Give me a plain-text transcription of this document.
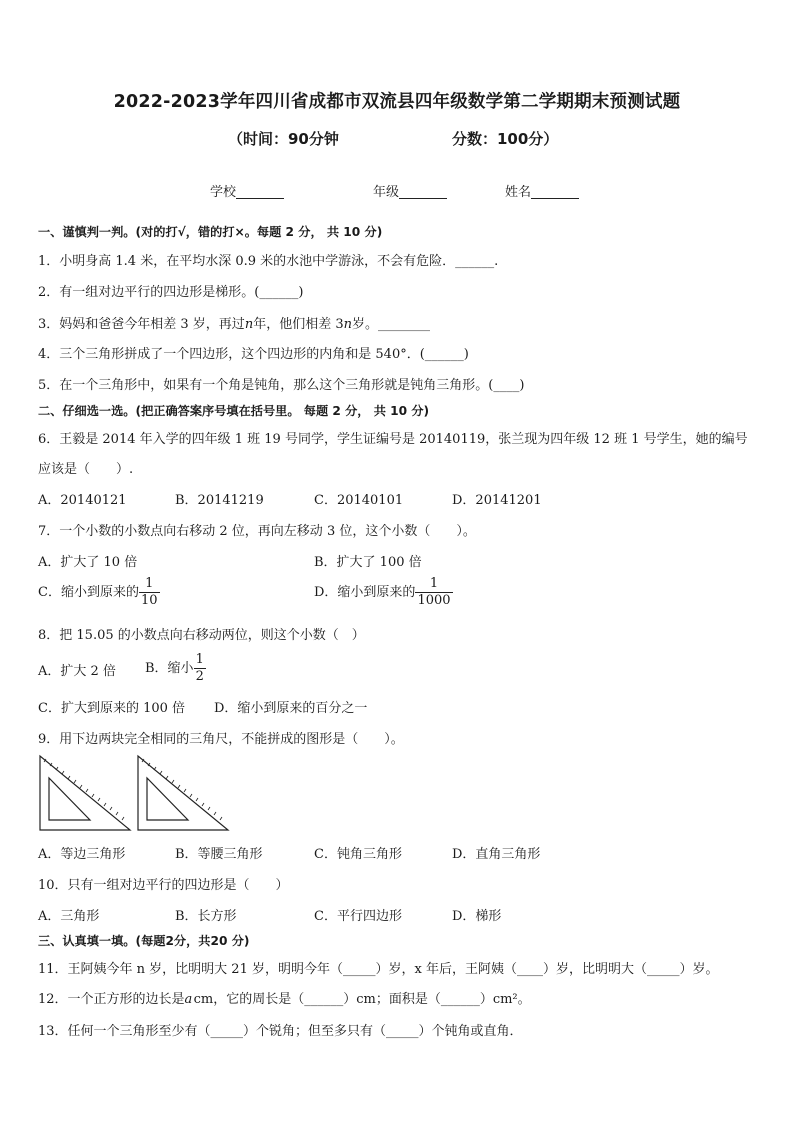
2022-2023学年四川省成都市双流县四年级数学第二学期期末预测试题
（时间：90分钟	分数：100分）
学校	年级	姓名
一、谨慎判一判。(对的打√，错的打×。每题 2 分， 共 10 分)
1．小明身高 1.4 米，在平均水深 0.9 米的水池中学游泳，不会有危险．______.
2．有一组对边平行的四边形是梯形。(______)
3．妈妈和爸爸今年相差 3 岁，再过n年，他们相差 3n岁。________
4．三个三角形拼成了一个四边形，这个四边形的内角和是 540°．(______)
5．在一个三角形中，如果有一个角是钝角，那么这个三角形就是钝角三角形。(____)
二、仔细选一选。(把正确答案序号填在括号里。 每题 2 分， 共 10 分)
6．王毅是 2014 年入学的四年级 1 班 19 号同学，学生证编号是 20140119，张兰现为四年级 12 班 1 号学生，她的编号
应该是（　　）.
A．20140121	B．20141219	C．20140101	D．20141201
7．一个小数的小数点向右移动 2 位，再向左移动 3 位，这个小数（　　）。
A．扩大了 10 倍	B．扩大了 100 倍
C．缩小到原来的 $\frac{1}{10}$	D．缩小到原来的 $\frac{1}{1000}$
8．把 15.05 的小数点向右移动两位，则这个小数（　）
A．扩大 2 倍 B．缩小 $\frac{1}{2}$
C．扩大到原来的 100 倍 D．缩小到原来的百分之一
9．用下边两块完全相同的三角尺，不能拼成的图形是（　　）。
A．等边三角形	B．等腰三角形	C．钝角三角形	D．直角三角形
10．只有一组对边平行的四边形是（　　）
A．三角形	B．长方形	C．平行四边形	D．梯形
三、认真填一填。(每题2分，共20 分)
11．王阿姨今年 n 岁，比明明大 21 岁，明明今年（_____）岁，x 年后，王阿姨（____）岁，比明明大（_____）岁。
12．一个正方形的边长是a cm，它的周长是（______）cm；面积是（______）cm²。
13．任何一个三角形至少有（_____）个锐角；但至多只有（_____）个钝角或直角．
